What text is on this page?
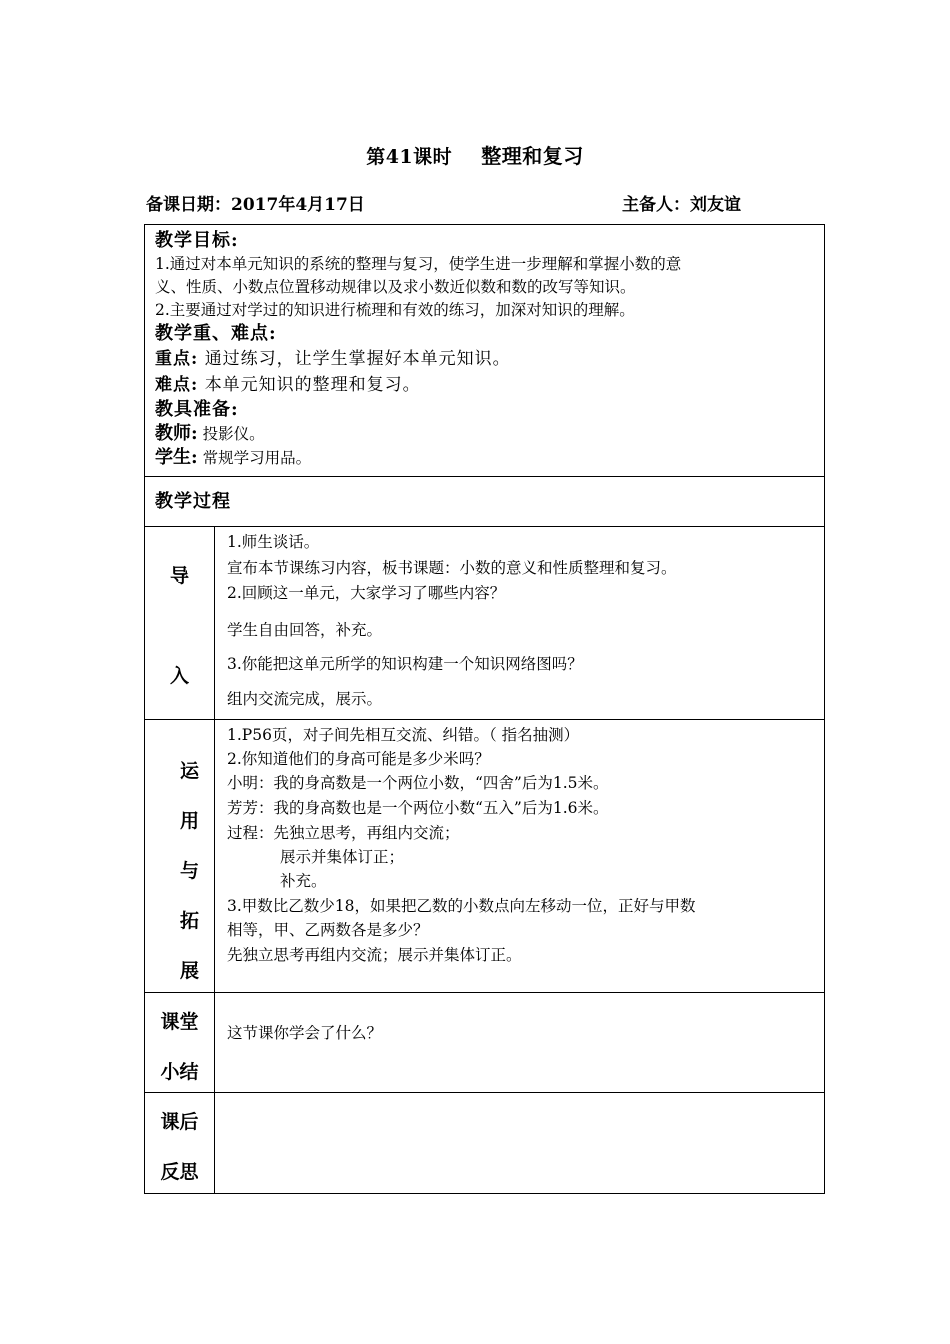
第41课时 整理和复习
备课日期：2017年4月17日	主备人：刘友谊
教学目标:
1.通过对本单元知识的系统的整理与复习，使学生进一步理解和掌握小数的意
义、性质、小数点位置移动规律以及求小数近似数和数的改写等知识。
2.主要通过对学过的知识进行梳理和有效的练习，加深对知识的理解。
教学重、难点:
重点: 通过练习，让学生掌握好本单元知识。
难点: 本单元知识的整理和复习。
教具准备:
教师: 投影仪。
学生: 常规学习用品。
教学过程
导
入
1.师生谈话。
宣布本节课练习内容，板书课题：小数的意义和性质整理和复习。
2.回顾这一单元，大家学习了哪些内容？
学生自由回答，补充。
3.你能把这单元所学的知识构建一个知识网络图吗？
组内交流完成，展示。
运
用
与
拓
展
1.P56页，对子间先相互交流、纠错。（ 指名抽测）
2.你知道他们的身高可能是多少米吗？
小明：我的身高数是一个两位小数，“四舍”后为1.5米。
芳芳：我的身高数也是一个两位小数“五入”后为1.6米。
过程：先独立思考，再组内交流；
展示并集体订正；
补充。
3.甲数比乙数少18，如果把乙数的小数点向左移动一位，正好与甲数
相等，甲、乙两数各是多少？
先独立思考再组内交流；展示并集体订正。
课堂
小结
这节课你学会了什么？
课后
反思
